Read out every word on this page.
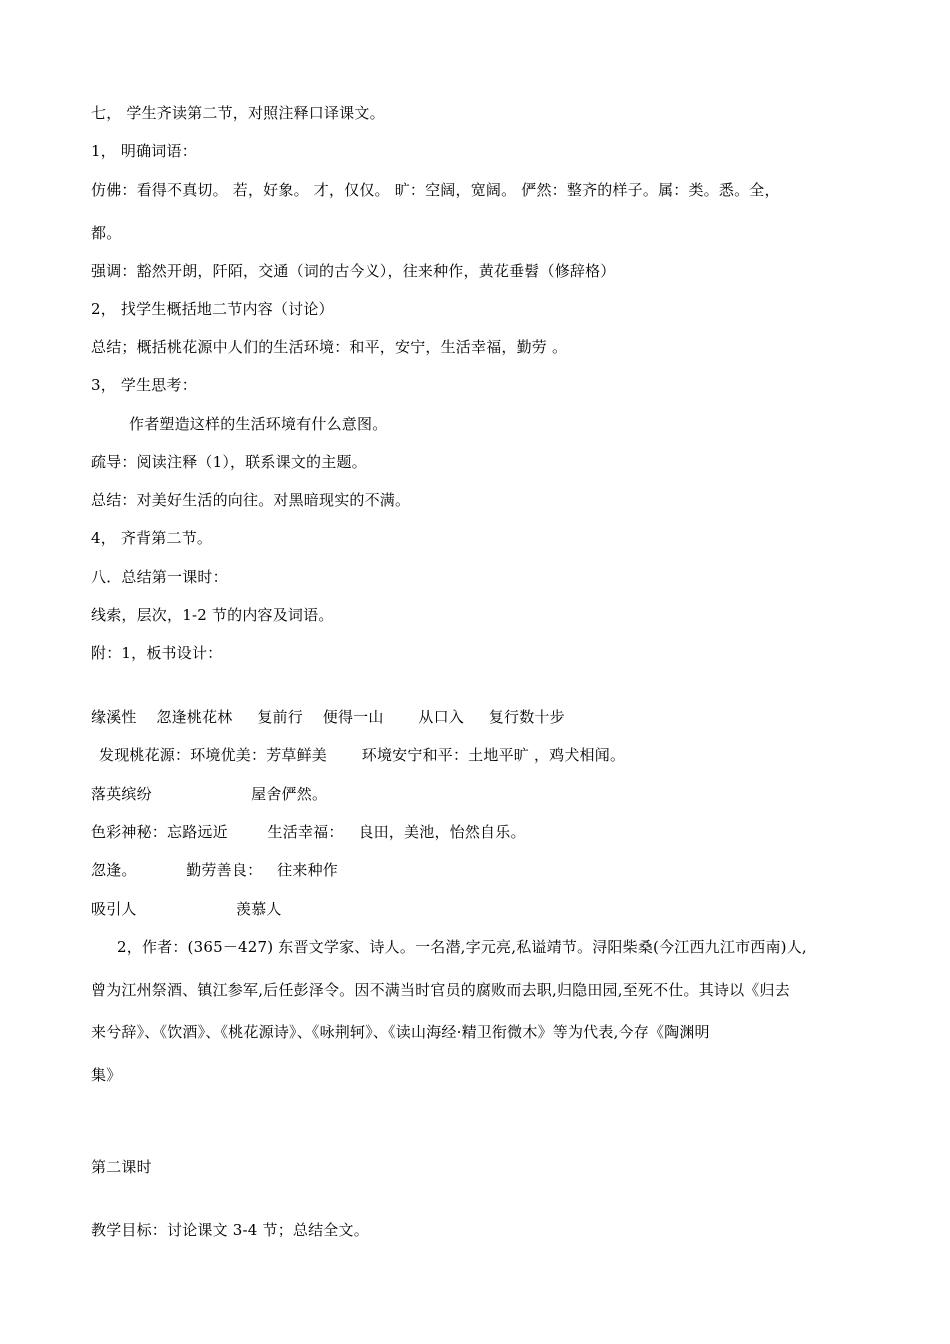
七， 学生齐读第二节，对照注释口译课文。
1， 明确词语：
仿佛：看得不真切。 若，好象。 才，仅仅。 旷：空阔，宽阔。 俨然：整齐的样子。属：类。悉。全，
都。
强调：豁然开朗，阡陌，交通（词的古今义），往来种作，黄花垂髫（修辞格）
2， 找学生概括地二节内容（讨论）
总结；概括桃花源中人们的生活环境：和平，安宁，生活幸福，勤劳 。
3， 学生思考：
作者塑造这样的生活环境有什么意图。
疏导：阅读注释（1），联系课文的主题。
总结：对美好生活的向往。对黑暗现实的不满。
4， 齐背第二节。
八．总结第一课时：
线索，层次，1-2 节的内容及词语。
附：1，板书设计：
缘溪性    忽逢桃花林     复前行    便得一山       从口入     复行数十步
发现桃花源：环境优美：芳草鲜美       环境安宁和平：土地平旷 ，鸡犬相闻。
落英缤纷                    屋舍俨然。
色彩神秘：忘路远近        生活幸福：   良田，美池，怡然自乐。
忽逢。          勤劳善良：   往来种作
吸引人                    羡慕人
2，作者：(365－427) 东晋文学家、诗人。一名潜,字元亮,私谥靖节。浔阳柴桑(今江西九江市西南)人,
曾为江州祭酒、镇江参军,后任彭泽令。因不满当时官员的腐败而去职,归隐田园,至死不仕。其诗以《归去
来兮辞》、《饮酒》、《桃花源诗》、《咏荆轲》、《读山海经·精卫衔微木》等为代表,今存《陶渊明
集》
第二课时
教学目标：讨论课文 3-4 节；总结全文。
